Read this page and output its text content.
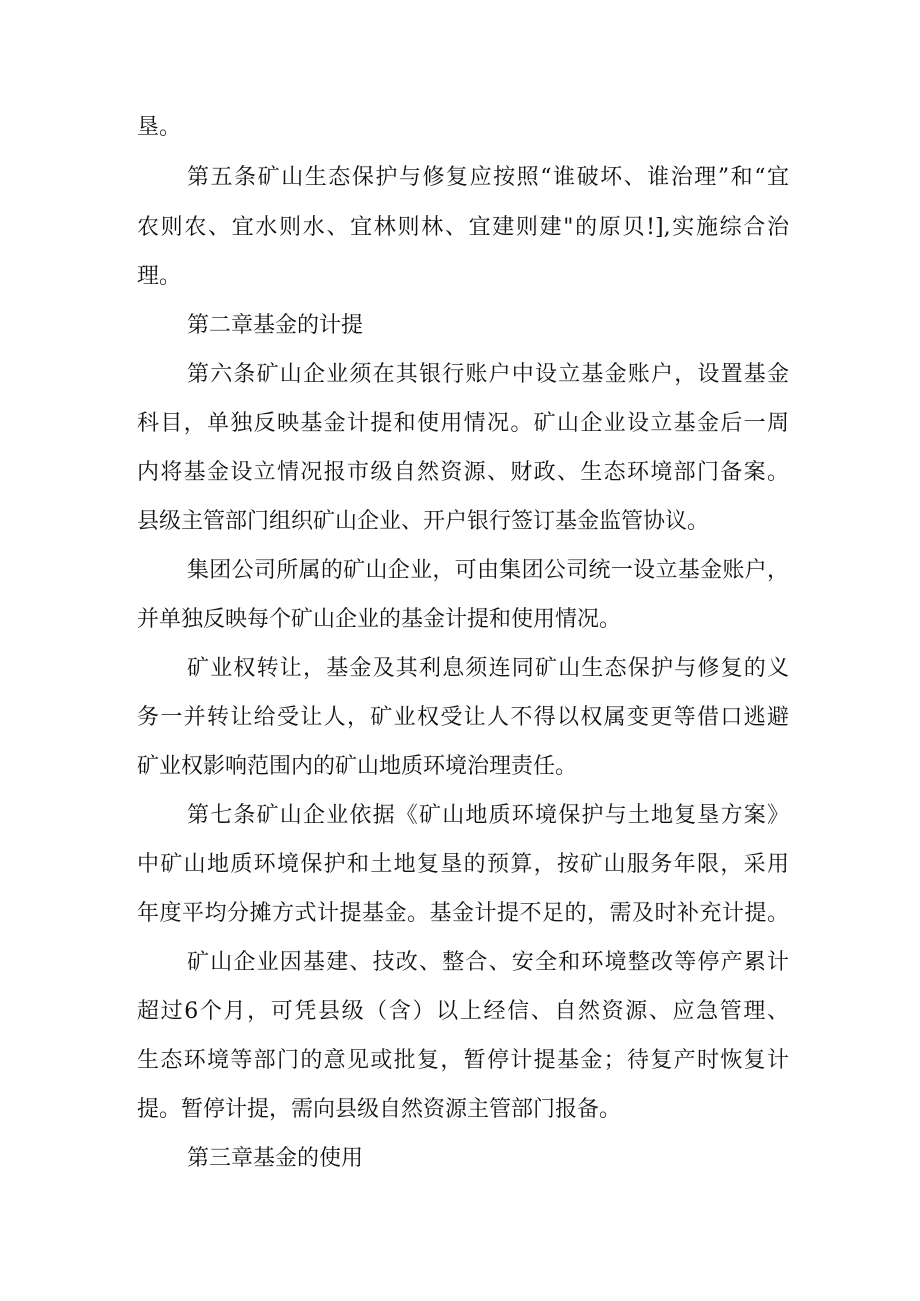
垦。
第五条矿山生态保护与修复应按照“谁破坏、谁治理”和“宜
农则农、宜水则水、宜林则林、宜建则建"的原贝!],实施综合治
理。
第二章基金的计提
第六条矿山企业须在其银行账户中设立基金账户，设置基金
科目，单独反映基金计提和使用情况。矿山企业设立基金后一周
内将基金设立情况报市级自然资源、财政、生态环境部门备案。
县级主管部门组织矿山企业、开户银行签订基金监管协议。
集团公司所属的矿山企业，可由集团公司统一设立基金账户，
并单独反映每个矿山企业的基金计提和使用情况。
矿业权转让，基金及其利息须连同矿山生态保护与修复的义
务一并转让给受让人，矿业权受让人不得以权属变更等借口逃避
矿业权影响范围内的矿山地质环境治理责任。
第七条矿山企业依据《矿山地质环境保护与土地复垦方案》
中矿山地质环境保护和土地复垦的预算，按矿山服务年限，采用
年度平均分摊方式计提基金。基金计提不足的，需及时补充计提。
矿山企业因基建、技改、整合、安全和环境整改等停产累计
超过6个月，可凭县级（含）以上经信、自然资源、应急管理、
生态环境等部门的意见或批复，暂停计提基金；待复产时恢复计
提。暂停计提，需向县级自然资源主管部门报备。
第三章基金的使用
